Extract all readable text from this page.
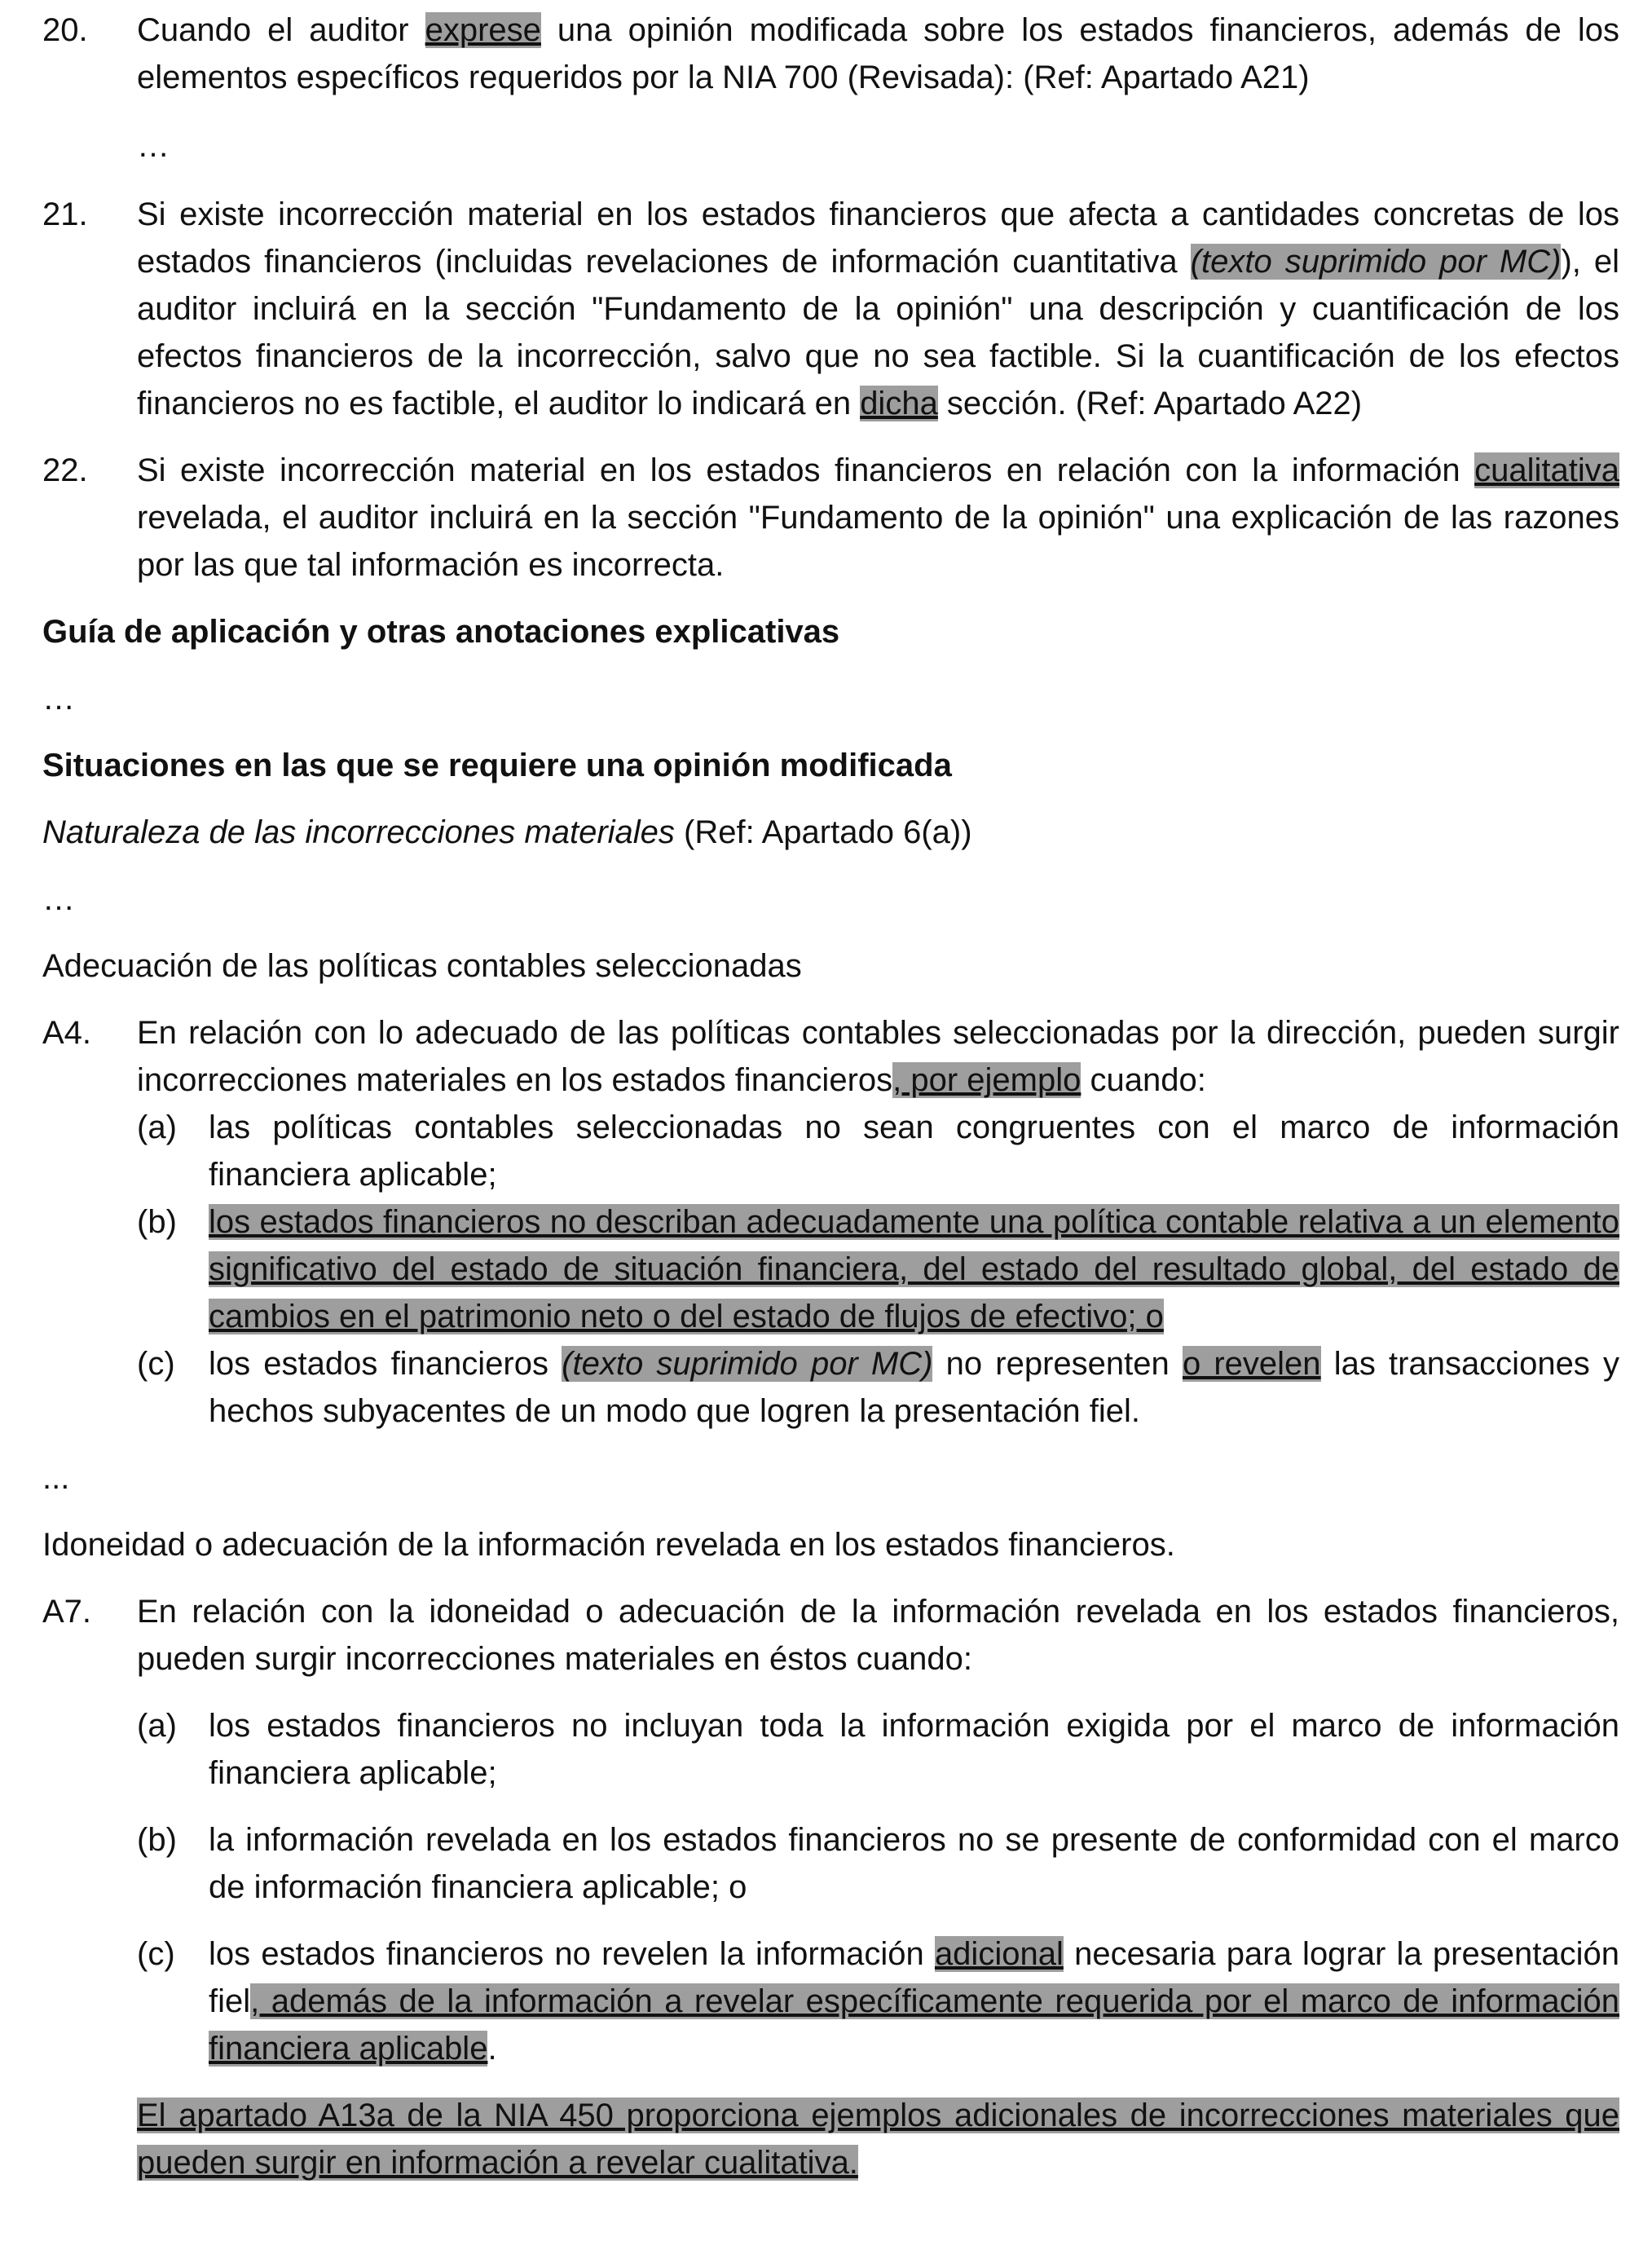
20. Cuando el auditor exprese una opinión modificada sobre los estados financieros, además de los elementos específicos requeridos por la NIA 700 (Revisada): (Ref: Apartado A21)
…
21. Si existe incorrección material en los estados financieros que afecta a cantidades concretas de los estados financieros (incluidas revelaciones de información cuantitativa (texto suprimido por MC)), el auditor incluirá en la sección "Fundamento de la opinión" una descripción y cuantificación de los efectos financieros de la incorrección, salvo que no sea factible. Si la cuantificación de los efectos financieros no es factible, el auditor lo indicará en dicha sección. (Ref: Apartado A22)
22. Si existe incorrección material en los estados financieros en relación con la información cualitativa revelada, el auditor incluirá en la sección "Fundamento de la opinión" una explicación de las razones por las que tal información es incorrecta.
Guía de aplicación y otras anotaciones explicativas
…
Situaciones en las que se requiere una opinión modificada
Naturaleza de las incorrecciones materiales (Ref: Apartado 6(a))
…
Adecuación de las políticas contables seleccionadas
A4. En relación con lo adecuado de las políticas contables seleccionadas por la dirección, pueden surgir incorrecciones materiales en los estados financieros, por ejemplo cuando:
(a) las políticas contables seleccionadas no sean congruentes con el marco de información financiera aplicable;
(b) los estados financieros no describan adecuadamente una política contable relativa a un elemento significativo del estado de situación financiera, del estado del resultado global, del estado de cambios en el patrimonio neto o del estado de flujos de efectivo; o
(c) los estados financieros (texto suprimido por MC) no representen o revelen las transacciones y hechos subyacentes de un modo que logren la presentación fiel.
...
Idoneidad o adecuación de la información revelada en los estados financieros.
A7. En relación con la idoneidad o adecuación de la información revelada en los estados financieros, pueden surgir incorrecciones materiales en éstos cuando:
(a) los estados financieros no incluyan toda la información exigida por el marco de información financiera aplicable;
(b) la información revelada en los estados financieros no se presente de conformidad con el marco de información financiera aplicable; o
(c) los estados financieros no revelen la información adicional necesaria para lograr la presentación fiel, además de la información a revelar específicamente requerida por el marco de información financiera aplicable.
El apartado A13a de la NIA 450 proporciona ejemplos adicionales de incorrecciones materiales que pueden surgir en información a revelar cualitativa.
